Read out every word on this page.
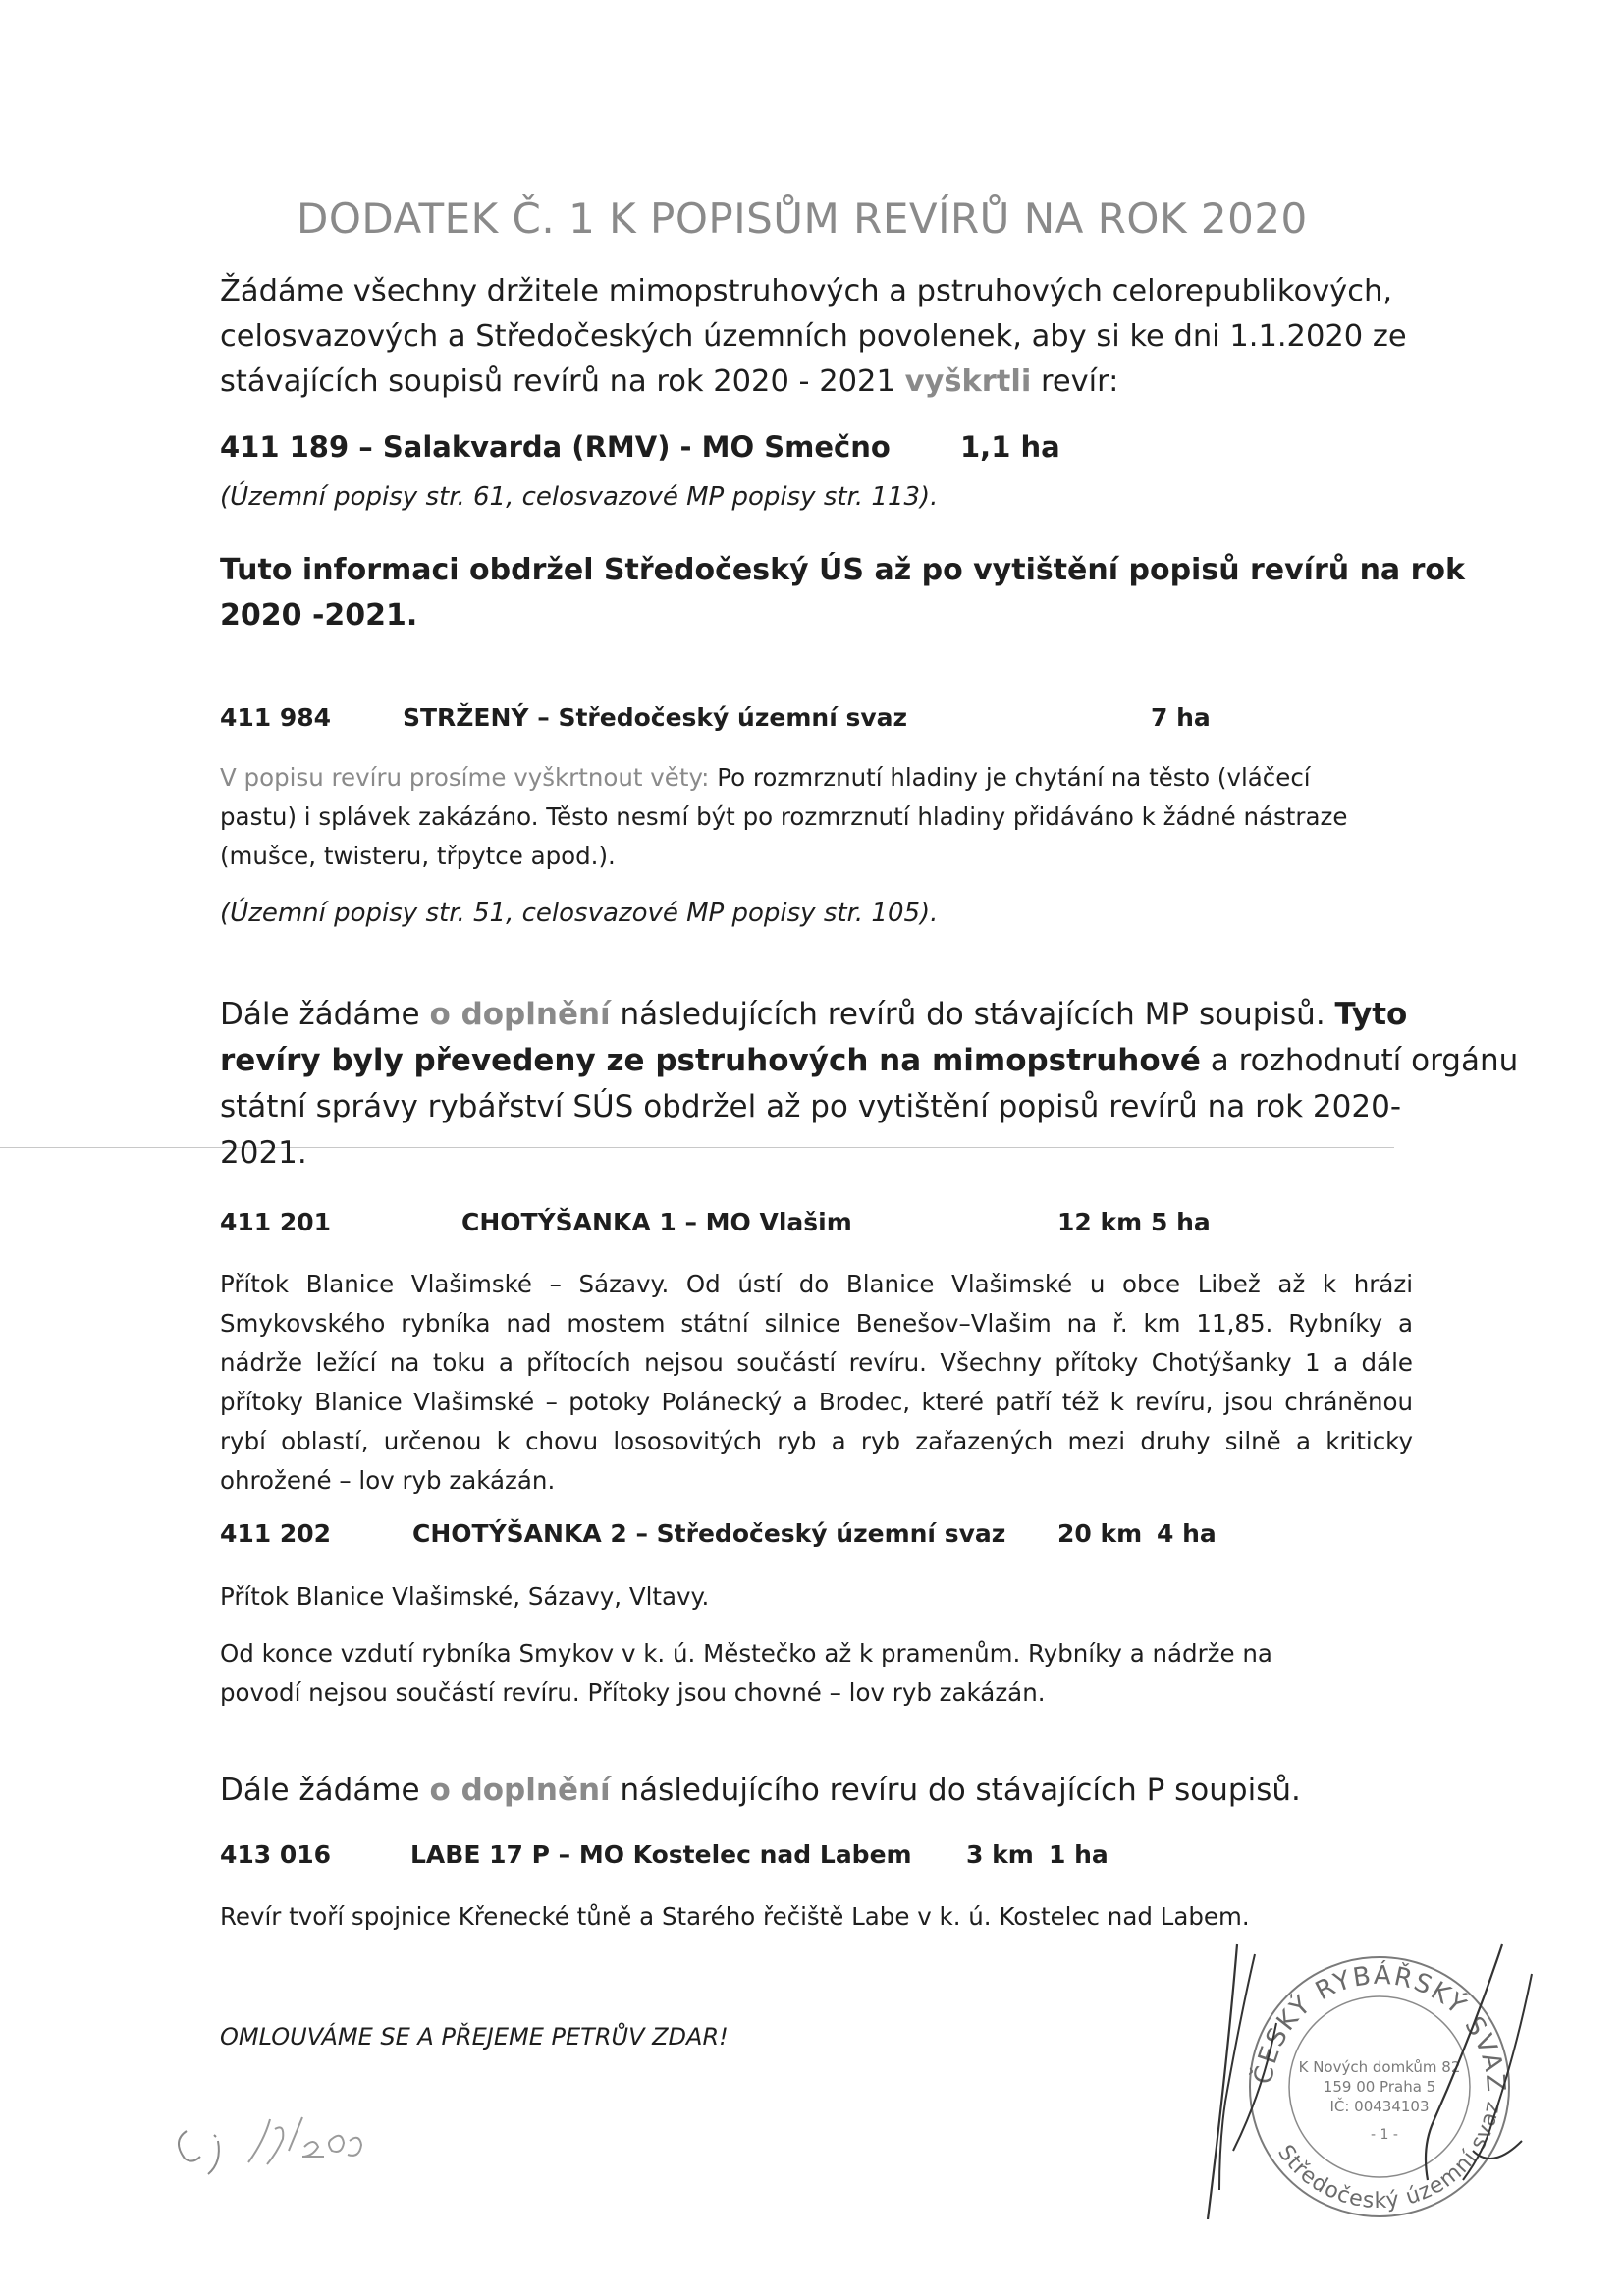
DODATEK Č. 1 K POPISŮM REVÍRŮ NA ROK 2020
Žádáme všechny držitele mimopstruhových a pstruhových celorepublikových,
celosvazových a Středočeských územních povolenek, aby si ke dni 1.1.2020 ze
stávajících soupisů revírů na rok 2020 - 2021 vyškrtli revír:
411 189 – Salakvarda (RMV) - MO Smečno 1,1 ha
(Územní popisy str. 61, celosvazové MP popisy str. 113).
Tuto informaci obdržel Středočeský ÚS až po vytištění popisů revírů na rok
2020 -2021.
411 984	STRŽENÝ – Středočeský územní svaz	7 ha
V popisu revíru prosíme vyškrtnout věty: Po rozmrznutí hladiny je chytání na těsto (vláčecí
pastu) i splávek zakázáno. Těsto nesmí být po rozmrznutí hladiny přidáváno k žádné nástraze
(mušce, twisteru, třpytce apod.).
(Územní popisy str. 51, celosvazové MP popisy str. 105).
Dále žádáme o doplnění následujících revírů do stávajících MP soupisů. Tyto
revíry byly převedeny ze pstruhových na mimopstruhové a rozhodnutí orgánu
státní správy rybářství SÚS obdržel až po vytištění popisů revírů na rok 2020-
2021.
411 201	CHOTÝŠANKA 1 – MO Vlašim	12 km 5 ha
Přítok Blanice Vlašimské – Sázavy. Od ústí do Blanice Vlašimské u obce Libež až k hrázi
Smykovského rybníka nad mostem státní silnice Benešov–Vlašim na ř. km 11,85. Rybníky a
nádrže ležící na toku a přítocích nejsou součástí revíru. Všechny přítoky Chotýšanky 1 a dále
přítoky Blanice Vlašimské – potoky Polánecký a Brodec, které patří též k revíru, jsou chráněnou
rybí oblastí, určenou k chovu lososovitých ryb a ryb zařazených mezi druhy silně a kriticky
ohrožené – lov ryb zakázán.
411 202	CHOTÝŠANKA 2 – Středočeský územní svaz 20 km 4 ha
Přítok Blanice Vlašimské, Sázavy, Vltavy.
Od konce vzdutí rybníka Smykov v k. ú. Městečko až k pramenům. Rybníky a nádrže na
povodí nejsou součástí revíru. Přítoky jsou chovné – lov ryb zakázán.
Dále žádáme o doplnění následujícího revíru do stávajících P soupisů.
413 016	LABE 17 P – MO Kostelec nad Labem 3 km 1 ha
Revír tvoří spojnice Křenecké tůně a Starého řečiště Labe v k. ú. Kostelec nad Labem.
OMLOUVÁME SE A PŘEJEME PETRŮV ZDAR!
ČESKÝ RYBÁŘSKÝ SVAZ
Středočeský územní svaz
K Nových domkům 82
159 00 Praha 5
IČ: 00434103
- 1 -
